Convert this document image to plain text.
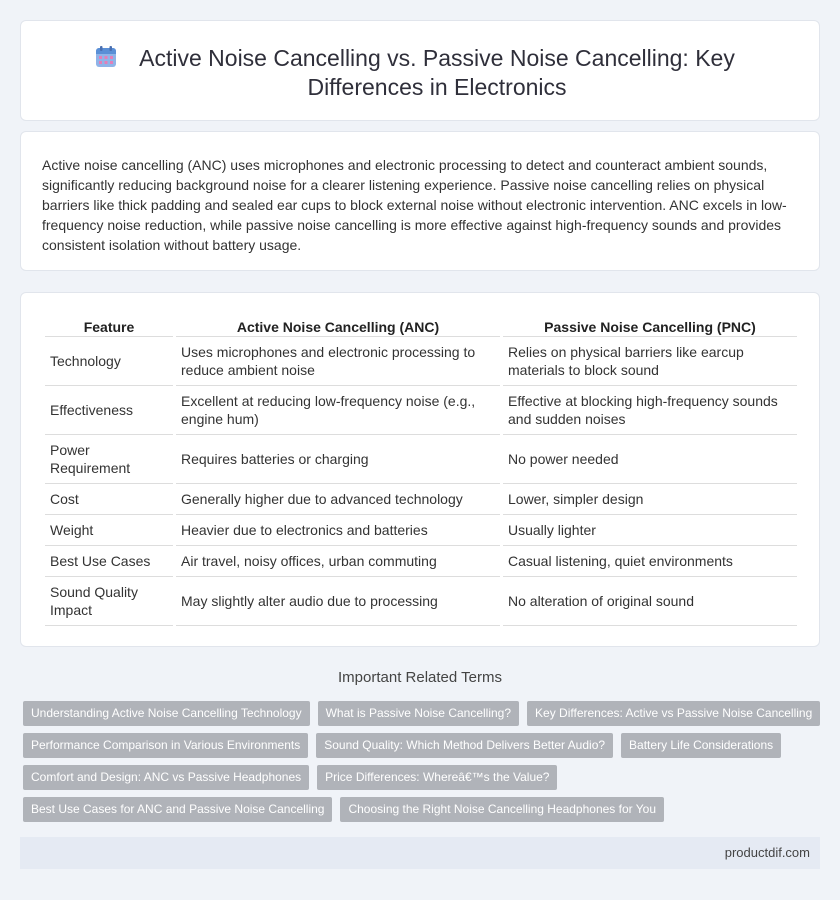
Active Noise Cancelling vs. Passive Noise Cancelling: Key Differences in Electronics

Active noise cancelling (ANC) uses microphones and electronic processing to detect and counteract ambient sounds, significantly reducing background noise for a clearer listening experience. Passive noise cancelling relies on physical barriers like thick padding and sealed ear cups to block external noise without electronic intervention. ANC excels in low-frequency noise reduction, while passive noise cancelling is more effective against high-frequency sounds and provides consistent isolation without battery usage.

Feature	Active Noise Cancelling (ANC)	Passive Noise Cancelling (PNC)
Technology	Uses microphones and electronic processing to reduce ambient noise	Relies on physical barriers like earcup materials to block sound
Effectiveness	Excellent at reducing low-frequency noise (e.g., engine hum)	Effective at blocking high-frequency sounds and sudden noises
Power Requirement	Requires batteries or charging	No power needed
Cost	Generally higher due to advanced technology	Lower, simpler design
Weight	Heavier due to electronics and batteries	Usually lighter
Best Use Cases	Air travel, noisy offices, urban commuting	Casual listening, quiet environments
Sound Quality Impact	May slightly alter audio due to processing	No alteration of original sound
Important Related Terms
Understanding Active Noise Cancelling Technology	What is Passive Noise Cancelling?	Key Differences: Active vs Passive Noise Cancelling
Performance Comparison in Various Environments	Sound Quality: Which Method Delivers Better Audio?	Battery Life Considerations
Comfort and Design: ANC vs Passive Headphones	Price Differences: Whereâ€™s the Value?
Best Use Cases for ANC and Passive Noise Cancelling	Choosing the Right Noise Cancelling Headphones for You
productdif.com
